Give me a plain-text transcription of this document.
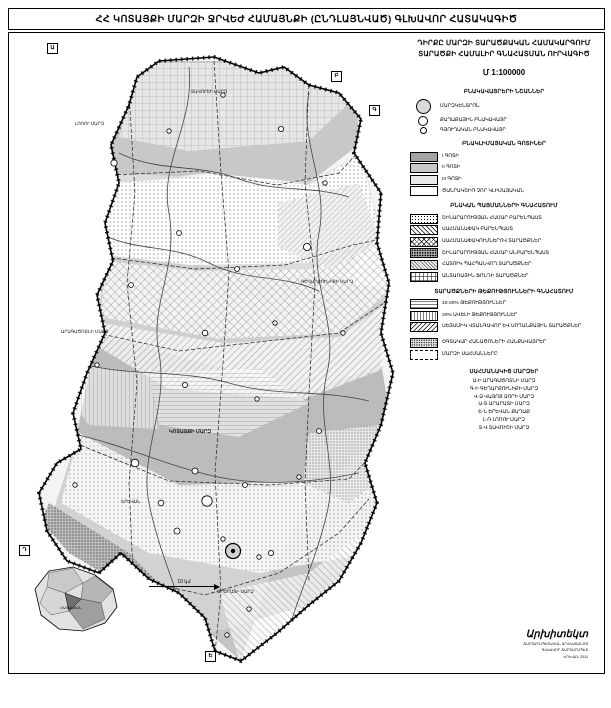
ՀՀ ԿՈՏԱՅՔԻ ՄԱՐԶԻ ՋՐՎԵԺ ՀԱՄԱՅՆՔԻ (ԸՆԴԼԱՅՆՎԱԾ) ԳԼԽԱՎՈՐ ՀԱՏԱԿԱԳԻԾ
Ա
Բ
Գ
Դ
Ե
ԱՐԱԳԱԾՈՏՆԻ ՄԱՐԶ
ԳԵՂԱՐՔՈՒՆԻՔԻ ՄԱՐԶ
ԿՈՏԱՅՔԻ ՄԱՐԶ
ԵՐԵՎԱՆ
ԱՐԱՐԱՏԻ ՄԱՐԶ
ՏԱՎՈՒՇԻ ՄԱՐԶ
ԼՈՌՈՒ ՄԱՐԶ
ԴԻՐՔԸ ՄԱՐԶԻ ՏԱՐԱԾՔԱԿԱՆ ՀԱՄԱԿԱՐԳՈՒՄ
ՏԱՐԱԾՔԻ ՀԱՄԱԼԻՐ ԳՆԱՀԱՏՄԱՆ ՈՒՐՎԱԳԻԾ
Մ 1:100000
ԲՆԱԿԱՎԱՅՐԵՐԻ ՆՇԱՆՆԵՐ
ՄԱՐԶԿԵՆՏՐՈՆ
ՔԱՂԱՔԱՅԻՆ ԲՆԱԿԱՎԱՅՐ
ԳՅՈՒՂԱԿԱՆ ԲՆԱԿԱՎԱՅՐ
ԲՆԱԿԼԻՄԱՅԱԿԱՆ ԳՈՏԻՆԵՐ
I ԳՈՏԻ
II ԳՈՏԻ
III ԳՈՏԻ
ԾԱՆՐԱԿՇԻՌ ՉՈՐ ԿԼԻՄԱՅԱԿԱՆ
ԲՆԱԿԱՆ ՊԱՅՄԱՆՆԵՐԻ ԳՆԱՀԱՏՈՒՄ
ՇԻՆԱՐԱՐՈՒԹՅԱՆ ՀԱՄԱՐ ԲԱՐԵՆՊԱՍՏ
ՍԱՀՄԱՆԱՓԱԿ ԲԱՐԵՆՊԱՍՏ
ՍԱՀՄԱՆԱՓԱԿՈՒՄՆԵՐՈՎ ՏԱՐԱԾՔՆԵՐ
ՇԻՆԱՐԱՐՈՒԹՅԱՆ ՀԱՄԱՐ ԱՆԲԱՐԵՆՊԱՍՏ
ՀԱՏՈՒԿ ՊԱՀՊԱՆՎՈՂ ՏԱՐԱԾՔՆԵՐ
ԱՆՏԱՌԱՅԻՆ ՖՈՆԴԻ ՏԱՐԱԾՔՆԵՐ
ՏԱՐԱԾՔՆԵՐԻ ԹԵՔՈՒԹՅՈՒՆՆԵՐԻ ԳՆԱՀԱՏՈՒՄ
10-20% ԹԵՔՈՒԹՅՈՒՆՆԵՐ
20% ԱՎԵԼԻ ԹԵՔՈՒԹՅՈՒՆՆԵՐ
ՍԵՅՍՄԻԿ ՎՏԱՆԳԱՎՈՐ ԵՎ ՍՈՂԱՆՔԱՅԻՆ ՏԱՐԱԾՔՆԵՐ
ՕԳՏԱԿԱՐ ՀԱՆԱԾՈՆԵՐԻ ՀԱՆՔԱՎԱՅՐԵՐ
ՄԱՐԶԻ ՍԱՀՄԱՆՆԵՐԸ
ՍԱՀՄԱՆԱԿԻՑ ՄԱՐԶԵՐ
Ա-Ի ԱՐԱԳԱԾՈՏՆԻ ՄԱՐԶ
Գ-Ի ԳԵՂԱՐՔՈՒՆԻՔԻ ՄԱՐԶ
Վ-Ձ ՎԱՅՈՑ ՁՈՐԻ ՄԱՐԶ
Ա-Տ ԱՐԱՐԱՏԻ ՄԱՐԶ
Ե-Ն ԵՐԵՎԱՆ ՔԱՂԱՔ
Լ-Ռ ԼՈՌՈՒ ՄԱՐԶ
Տ-Վ ՏԱՎՈՒՇԻ ՄԱՐԶ
ՀԱՅԱՍՏԱՆ
10 կմ
Արխիտեկտ
ՃԱՐՏԱՐԱՊԵՏԱԿԱՆ ԱՐՀԵՍՏԱՆՈՑ
ԳԼԽԱՎՈՐ ՃԱՐՏԱՐԱՊԵՏ
ԵՐԵՎԱՆ 2011
